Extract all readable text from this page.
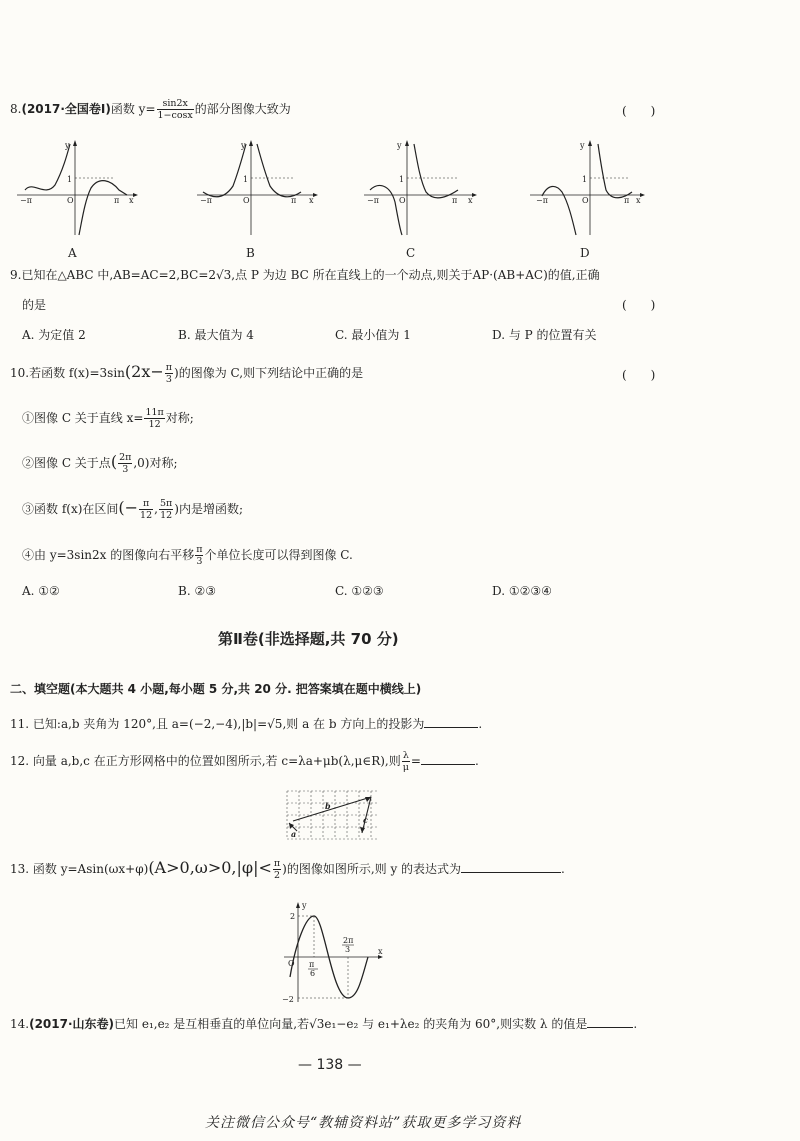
8.(2017·全国卷Ⅰ)函数 $y= \frac{\sin 2x}{1-\cos x}$ 的部分图像大致为	(　　)
y
x
1
O
−π	π
A
y
x
1
O
−π	π
B
y
x
1
O
−π	π
C
y
x
1
O
−π	π
D
9.已知在△ABC 中,AB=AC=2,BC=2√3,点 P 为边 BC 所在直线上的一个动点,则关于AP·(AB+AC)的值,正确
的是	(　　)
A. 为定值 2	B. 最大值为 4	C. 最小值为 1	D. 与 P 的位置有关
10.若函数 $f(x)=3\sin(2x- \frac{\pi}{3}$ )的图像为 C,则下列结论中正确的是	(　　)
①图像 C 关于直线 $x= \frac{11\pi}{12}$ 对称;
②图像 C 关于点( $\frac{2\pi}{3} ,0$)对称;
③函数 f(x)在区间(− $\frac{\pi}{12}$ , $\frac{5\pi}{12}$ )内是增函数;
④由 y=3sin2x 的图像向右平移 $\frac{\pi}{3}$ 个单位长度可以得到图像 C.
A. ①②	B. ②③	C. ①②③	D. ①②③④
第Ⅱ卷(非选择题,共 70 分)
二、填空题(本大题共 4 小题,每小题 5 分,共 20 分. 把答案填在题中横线上)
11. 已知:a,b 夹角为 120°,且 a=(−2,−4),|b|=√5,则 a 在 b 方向上的投影为	.
12. 向量 a,b,c 在正方形网格中的位置如图所示,若 c=λa+μb(λ,μ∈R),则 $\frac{\lambda}{\mu}$ =	.
b
a
c
13. 函数 $y=Asin(\omega x+\varphi)(A>0,\omega>0,|\varphi|< \frac{\pi}{2}$ )的图像如图所示,则 y 的表达式为	.
y
x
O
2
−2
π
6
2π
3
14.(2017·山东卷)已知 e₁,e₂ 是互相垂直的单位向量,若√3e₁−e₂ 与 e₁+λe₂ 的夹角为 60°,则实数 λ 的值是	.
— 138 —
关注微信公众号“教辅资料站”获取更多学习资料
